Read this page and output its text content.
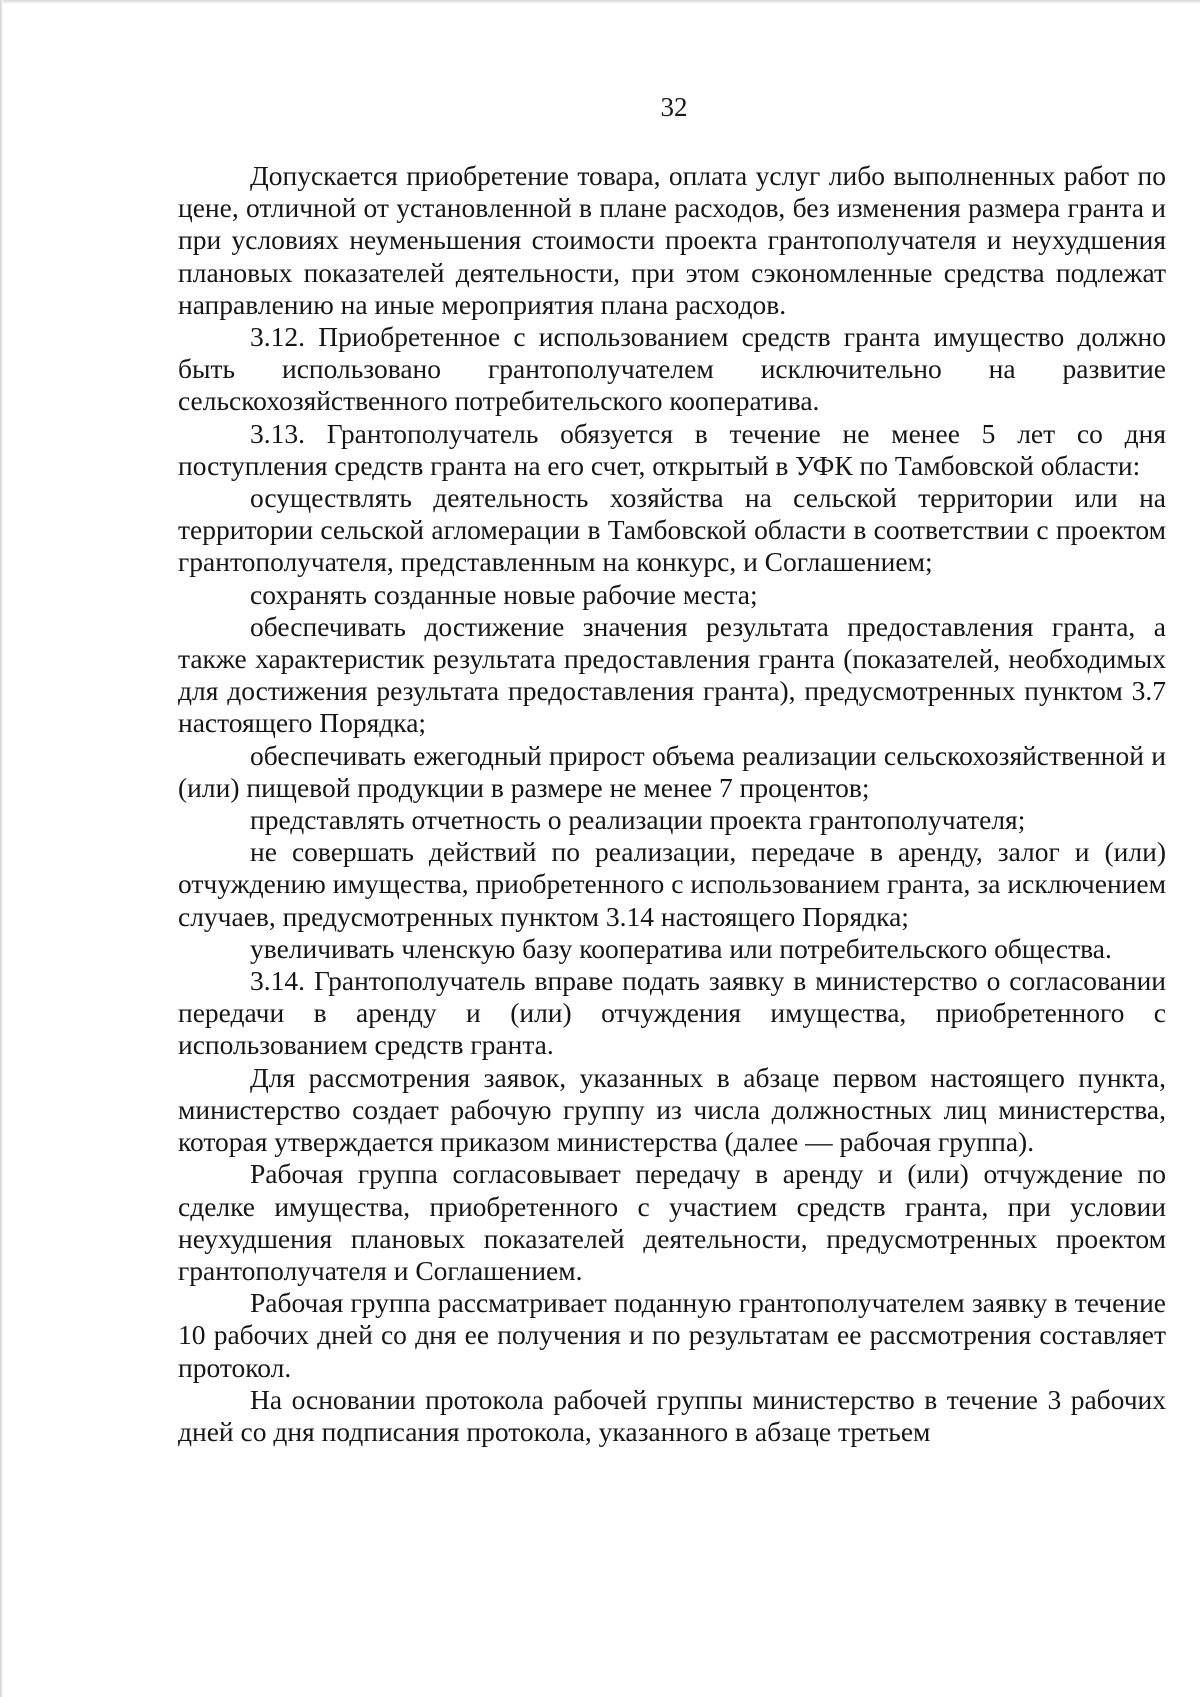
32

Допускается приобретение товара, оплата услуг либо выполненных работ по цене, отличной от установленной в плане расходов, без изменения размера гранта и при условиях неуменьшения стоимости проекта грантополучателя и неухудшения плановых показателей деятельности, при этом сэкономленные средства подлежат направлению на иные мероприятия плана расходов.

3.12. Приобретенное с использованием средств гранта имущество должно быть использовано грантополучателем исключительно на развитие сельскохозяйственного потребительского кооператива.

3.13. Грантополучатель обязуется в течение не менее 5 лет со дня поступления средств гранта на его счет, открытый в УФК по Тамбовской области:

осуществлять деятельность хозяйства на сельской территории или на территории сельской агломерации в Тамбовской области в соответствии с проектом грантополучателя, представленным на конкурс, и Соглашением;

сохранять созданные новые рабочие места;

обеспечивать достижение значения результата предоставления гранта, а также характеристик результата предоставления гранта (показателей, необходимых для достижения результата предоставления гранта), предусмотренных пунктом 3.7 настоящего Порядка;

обеспечивать ежегодный прирост объема реализации сельскохозяйственной и (или) пищевой продукции в размере не менее 7 процентов;

представлять отчетность о реализации проекта грантополучателя;

не совершать действий по реализации, передаче в аренду, залог и (или) отчуждению имущества, приобретенного с использованием гранта, за исключением случаев, предусмотренных пунктом 3.14 настоящего Порядка;

увеличивать членскую базу кооператива или потребительского общества.

3.14. Грантополучатель вправе подать заявку в министерство о согласовании передачи в аренду и (или) отчуждения имущества, приобретенного с использованием средств гранта.

Для рассмотрения заявок, указанных в абзаце первом настоящего пункта, министерство создает рабочую группу из числа должностных лиц министерства, которая утверждается приказом министерства (далее — рабочая группа).

Рабочая группа согласовывает передачу в аренду и (или) отчуждение по сделке имущества, приобретенного с участием средств гранта, при условии неухудшения плановых показателей деятельности, предусмотренных проектом грантополучателя и Соглашением.

Рабочая группа рассматривает поданную грантополучателем заявку в течение 10 рабочих дней со дня ее получения и по результатам ее рассмотрения составляет протокол.

На основании протокола рабочей группы министерство в течение 3 рабочих дней со дня подписания протокола, указанного в абзаце третьем
